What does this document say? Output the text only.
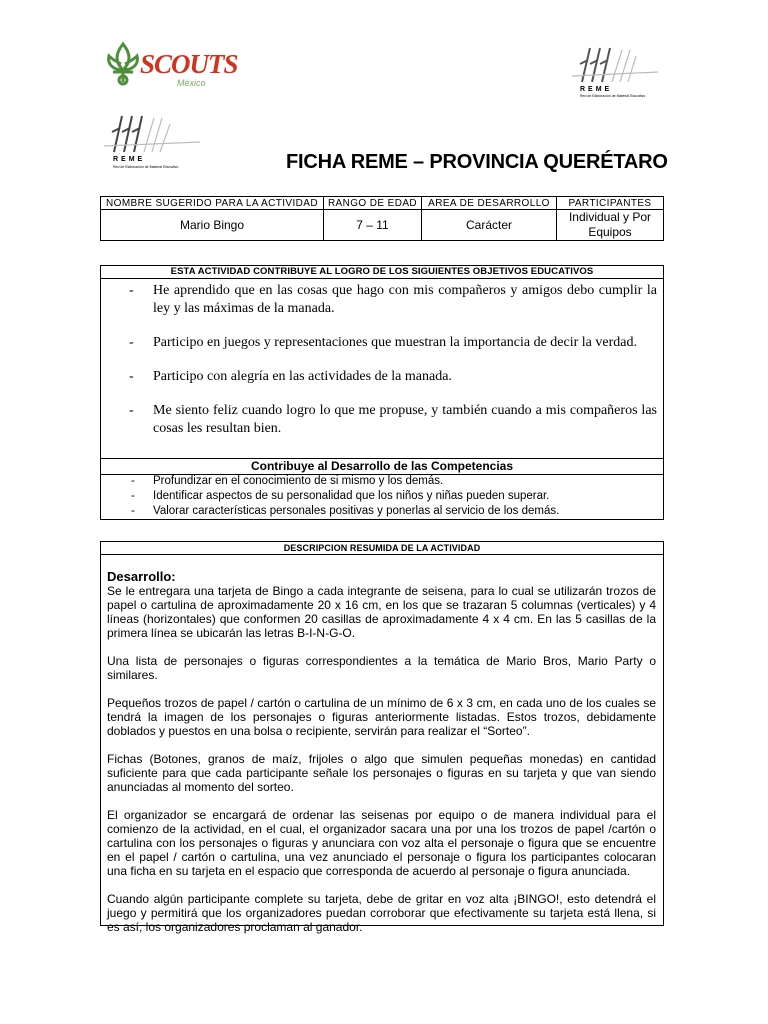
SCOUTS
México
REME
Red de Elaboración de Material Educativo
REME
Red de Elaboración de Material Educativo	FICHA REME – PROVINCIA QUERÉTARO
NOMBRE SUGERIDO PARA LA ACTIVIDAD	RANGO DE EDAD	AREA DE DESARROLLO	PARTICIPANTES
Mario Bingo	7 – 11	Carácter	Individual y Por Equipos
ESTA ACTIVIDAD CONTRIBUYE AL LOGRO DE LOS SIGUIENTES OBJETIVOS EDUCATIVOS
- He aprendido que en las cosas que hago con mis compañeros y amigos debo cumplir la ley y las máximas de la manada.
- Participo en juegos y representaciones que muestran la importancia de decir la verdad.
- Participo con alegría en las actividades de la manada.
- Me siento feliz cuando logro lo que me propuse, y también cuando a mis compañeros las cosas les resultan bien.
Contribuye al Desarrollo de las Competencias
- Profundizar en el conocimiento de si mismo y los demás.
- Identificar aspectos de su personalidad que los niños y niñas pueden superar.
- Valorar características personales positivas y ponerlas al servicio de los demás.
DESCRIPCION RESUMIDA DE LA ACTIVIDAD
Desarrollo:

Se le entregara una tarjeta de Bingo a cada integrante de seisena, para lo cual se utilizarán trozos de papel o cartulina de aproximadamente 20 x 16 cm, en los que se trazaran 5 columnas (verticales) y 4 líneas (horizontales) que conformen 20 casillas de aproximadamente 4 x 4 cm. En las 5 casillas de la primera línea se ubicarán las letras B-I-N-G-O.

Una lista de personajes o figuras correspondientes a la temática de Mario Bros, Mario Party o similares.

Pequeños trozos de papel / cartón o cartulina de un mínimo de 6 x 3 cm, en cada uno de los cuales se tendrá la imagen de los personajes o figuras anteriormente listadas. Estos trozos, debidamente doblados y puestos en una bolsa o recipiente, servirán para realizar el “Sorteo”.

Fichas (Botones, granos de maíz, frijoles o algo que simulen pequeñas monedas) en cantidad suficiente para que cada participante señale los personajes o figuras en su tarjeta y que van siendo anunciadas al momento del sorteo.

El organizador se encargará de ordenar las seisenas por equipo o de manera individual para el comienzo de la actividad, en el cual, el organizador sacara una por una los trozos de papel /cartón o cartulina con los personajes o figuras y anunciara con voz alta el personaje o figura que se encuentre en el papel / cartón o cartulina, una vez anunciado el personaje o figura los participantes colocaran una ficha en su tarjeta en el espacio que corresponda de acuerdo al personaje o figura anunciada.

Cuando algún participante complete su tarjeta, debe de gritar en voz alta ¡BINGO!, esto detendrá el juego y permitirá que los organizadores puedan corroborar que efectivamente su tarjeta está llena, si es así, los organizadores proclaman al ganador.
